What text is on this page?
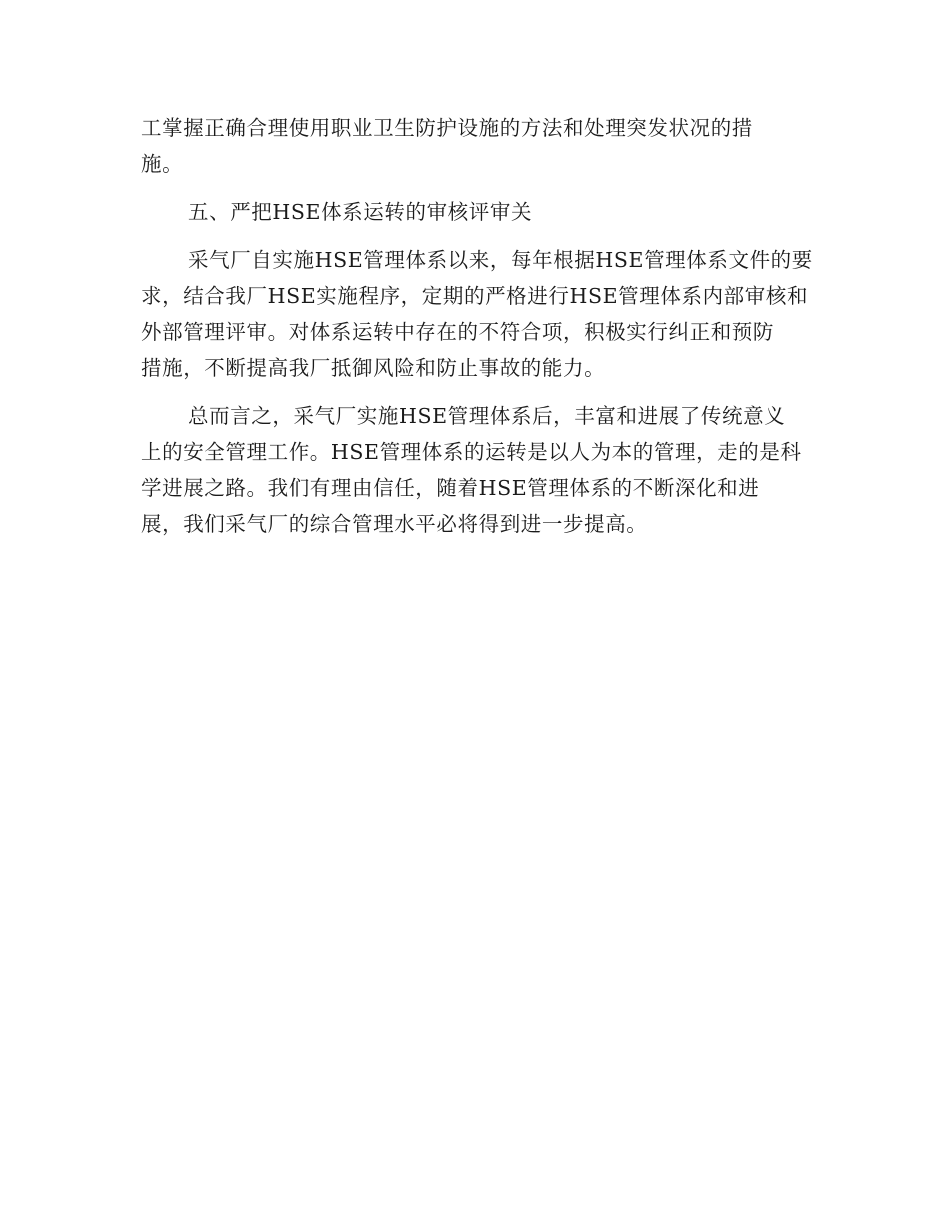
工掌握正确合理使用职业卫生防护设施的方法和处理突发状况的措
施。
五、严把HSE体系运转的审核评审关
采气厂自实施HSE管理体系以来，每年根据HSE管理体系文件的要
求，结合我厂HSE实施程序，定期的严格进行HSE管理体系内部审核和
外部管理评审。对体系运转中存在的不符合项，积极实行纠正和预防
措施，不断提高我厂抵御风险和防止事故的能力。
总而言之，采气厂实施HSE管理体系后，丰富和进展了传统意义
上的安全管理工作。HSE管理体系的运转是以人为本的管理，走的是科
学进展之路。我们有理由信任，随着HSE管理体系的不断深化和进
展，我们采气厂的综合管理水平必将得到进一步提高。
